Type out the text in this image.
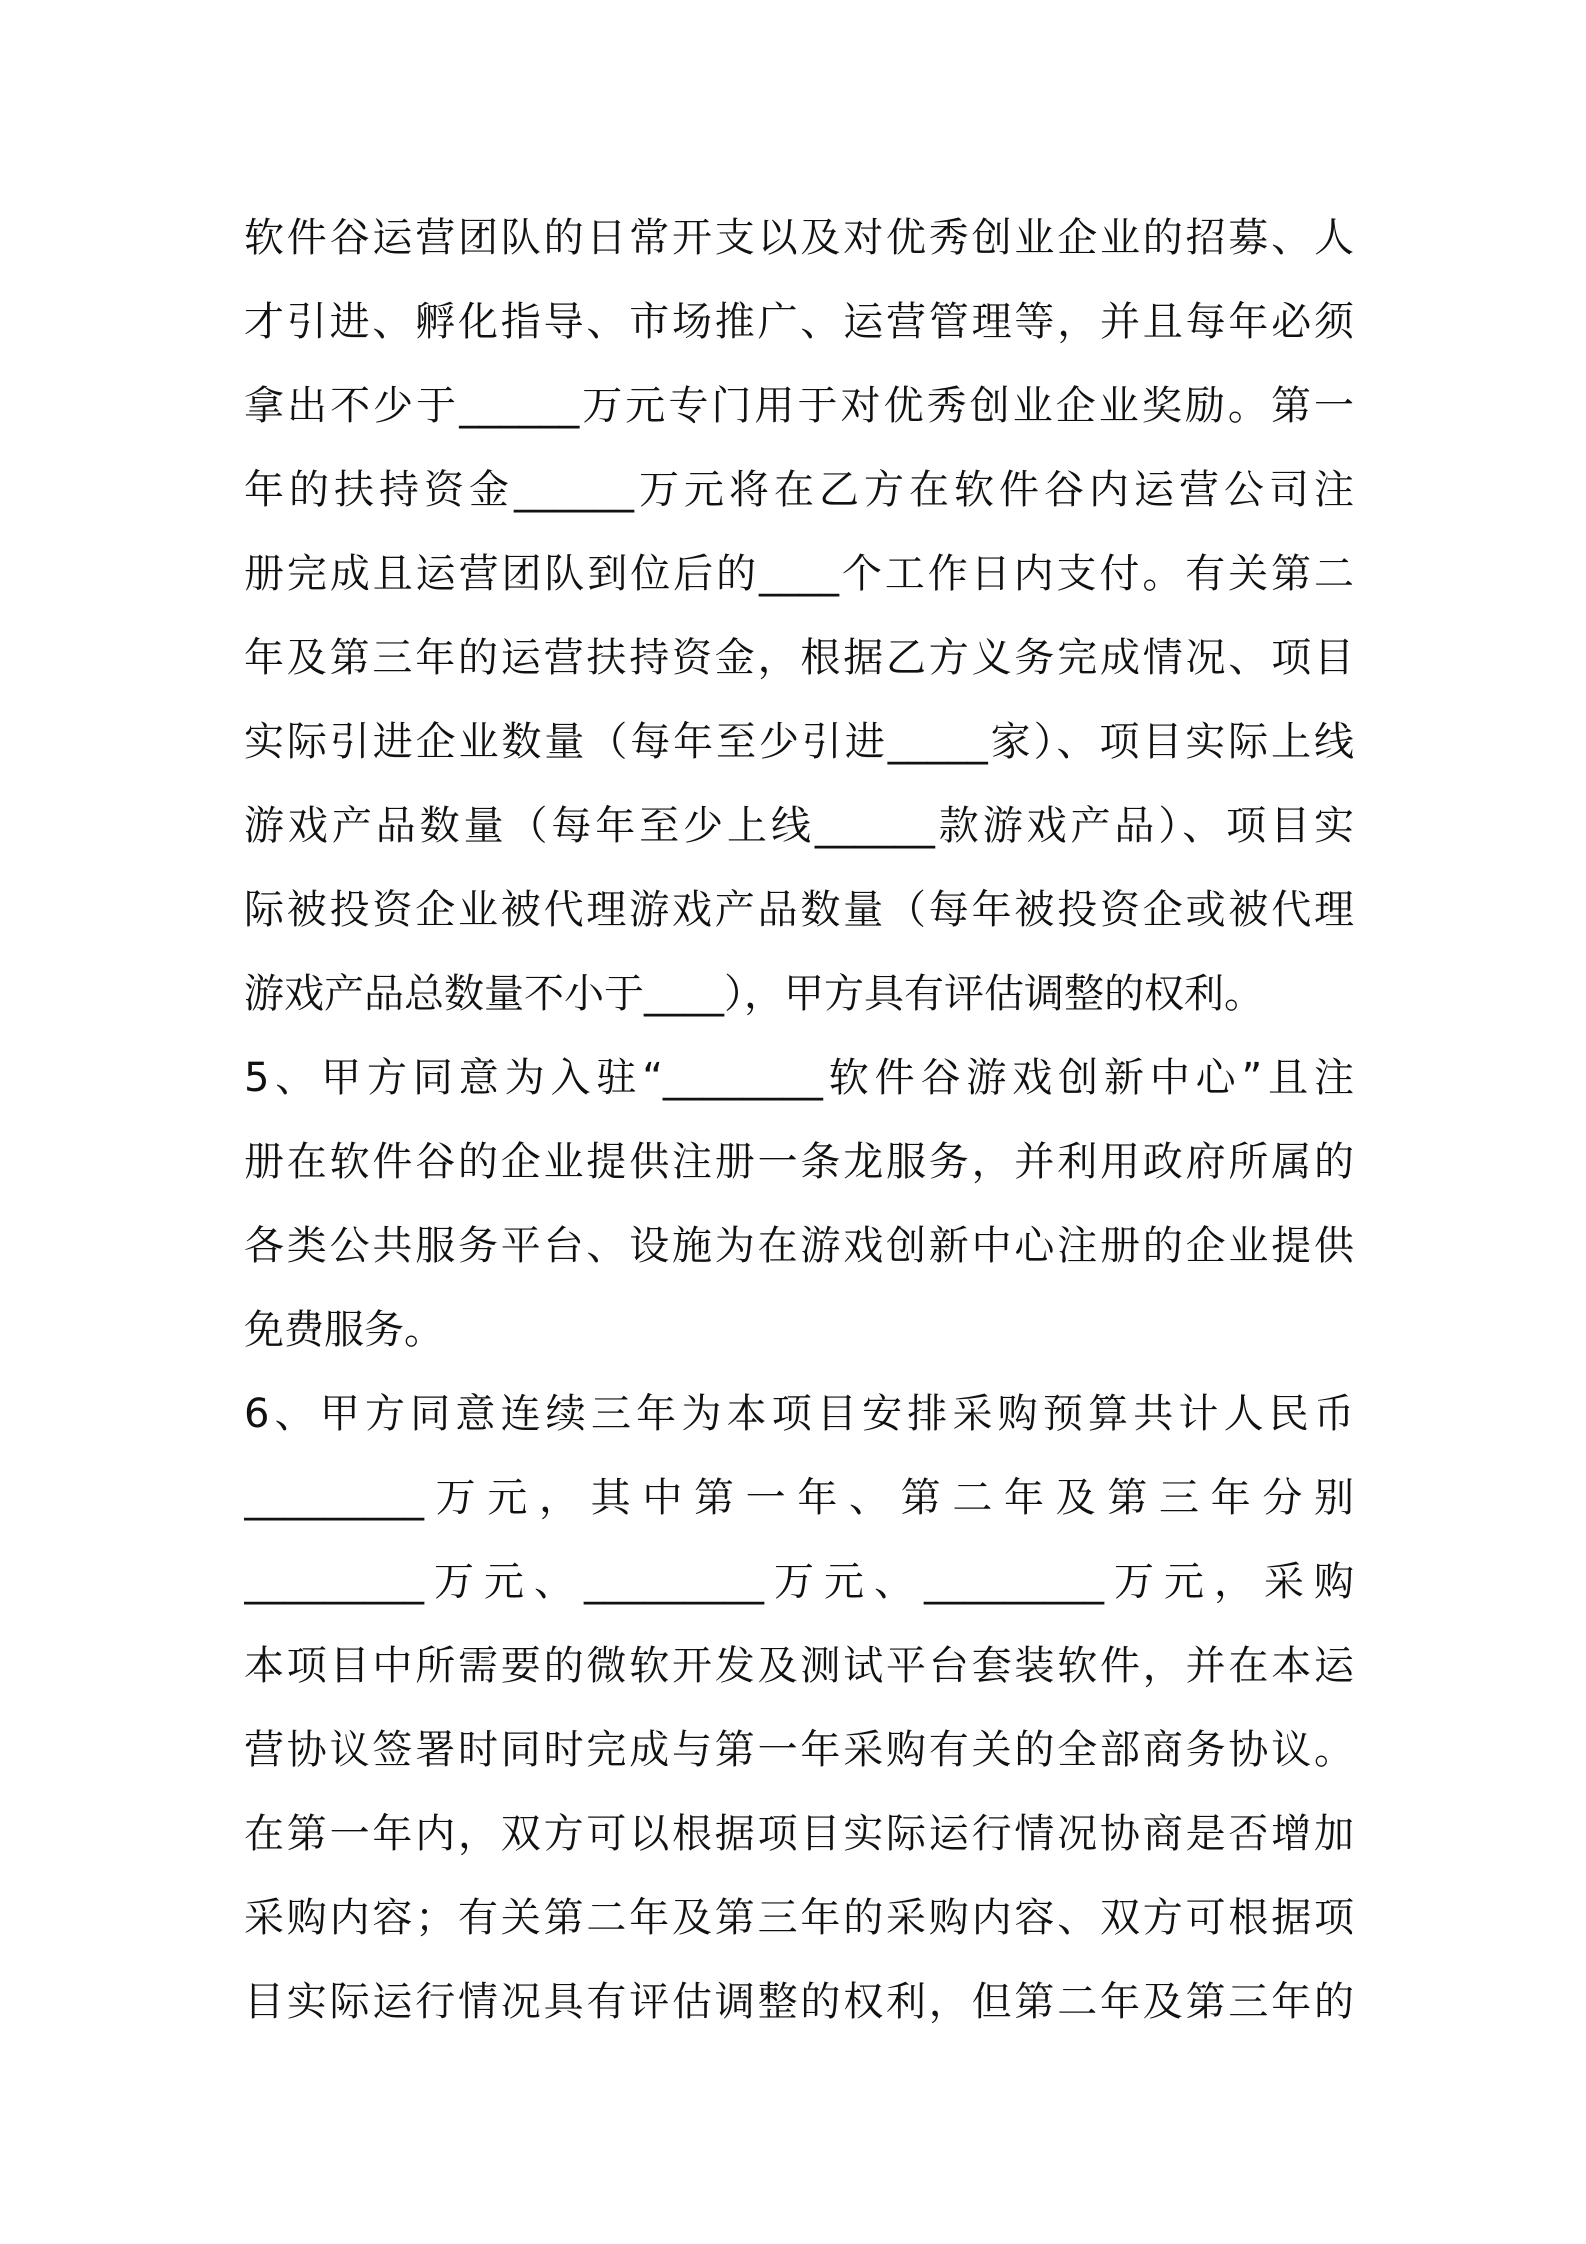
软件谷运营团队的日常开支以及对优秀创业企业的招募、人
才引进、孵化指导、市场推广、运营管理等，并且每年必须
拿出不少于______万元专门用于对优秀创业企业奖励。第一
年的扶持资金______万元将在乙方在软件谷内运营公司注
册完成且运营团队到位后的____个工作日内支付。有关第二
年及第三年的运营扶持资金，根据乙方义务完成情况、项目
实际引进企业数量（每年至少引进_____家）、项目实际上线
游戏产品数量（每年至少上线______款游戏产品）、项目实
际被投资企业被代理游戏产品数量（每年被投资企或被代理
游戏产品总数量不小于____），甲方具有评估调整的权利。
5、甲方同意为入驻“________软件谷游戏创新中心”且注
册在软件谷的企业提供注册一条龙服务，并利用政府所属的
各类公共服务平台、设施为在游戏创新中心注册的企业提供
免费服务。
6、甲方同意连续三年为本项目安排采购预算共计人民币
_________万元，其中第一年、第二年及第三年分别
_________万元、_________万元、_________万元，采购
本项目中所需要的微软开发及测试平台套装软件，并在本运
营协议签署时同时完成与第一年采购有关的全部商务协议。
在第一年内，双方可以根据项目实际运行情况协商是否增加
采购内容；有关第二年及第三年的采购内容、双方可根据项
目实际运行情况具有评估调整的权利，但第二年及第三年的
